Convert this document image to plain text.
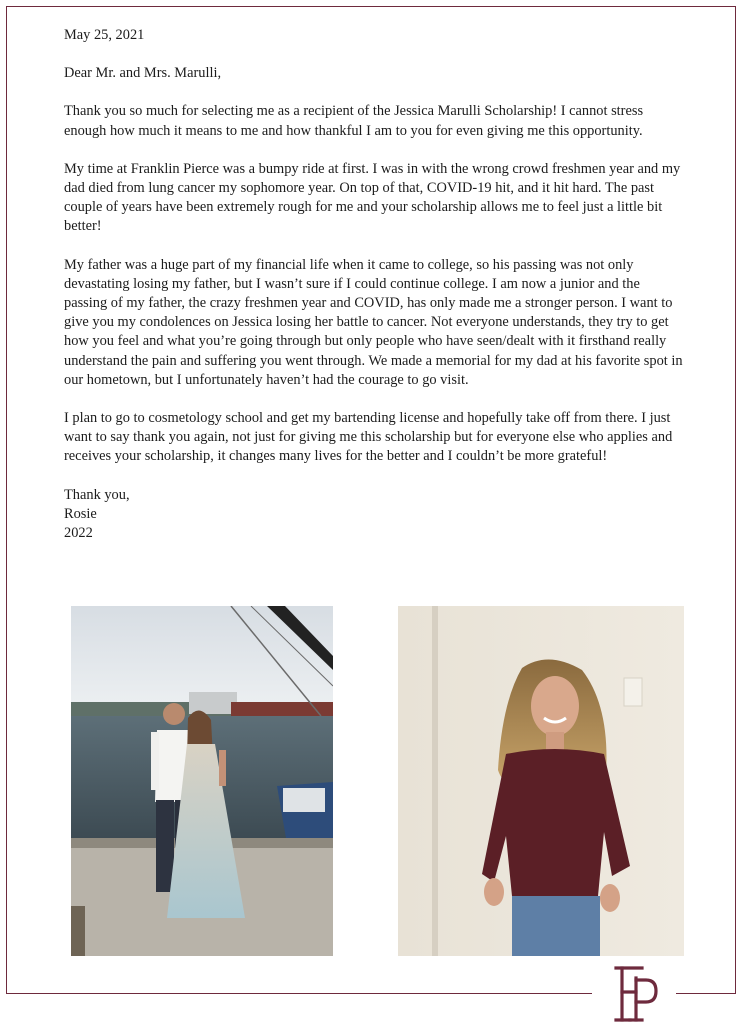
May 25, 2021

Dear Mr. and Mrs. Marulli,

Thank you so much for selecting me as a recipient of the Jessica Marulli Scholarship! I cannot stress enough how much it means to me and how thankful I am to you for even giving me this opportunity.

My time at Franklin Pierce was a bumpy ride at first. I was in with the wrong crowd freshmen year and my dad died from lung cancer my sophomore year. On top of that, COVID-19 hit, and it hit hard. The past couple of years have been extremely rough for me and your scholarship allows me to feel just a little bit better!

My father was a huge part of my financial life when it came to college, so his passing was not only devastating losing my father, but I wasn’t sure if I could continue college. I am now a junior and the passing of my father, the crazy freshmen year and COVID, has only made me a stronger person. I want to give you my condolences on Jessica losing her battle to cancer. Not everyone understands, they try to get how you feel and what you’re going through but only people who have seen/dealt with it firsthand really understand the pain and suffering you went through. We made a memorial for my dad at his favorite spot in our hometown, but I unfortunately haven’t had the courage to go visit.

I plan to go to cosmetology school and get my bartending license and hopefully take off from there. I just want to say thank you again, not just for giving me this scholarship but for everyone else who applies and receives your scholarship, it changes many lives for the better and I couldn’t be more grateful!

Thank you,

Rosie

2022
